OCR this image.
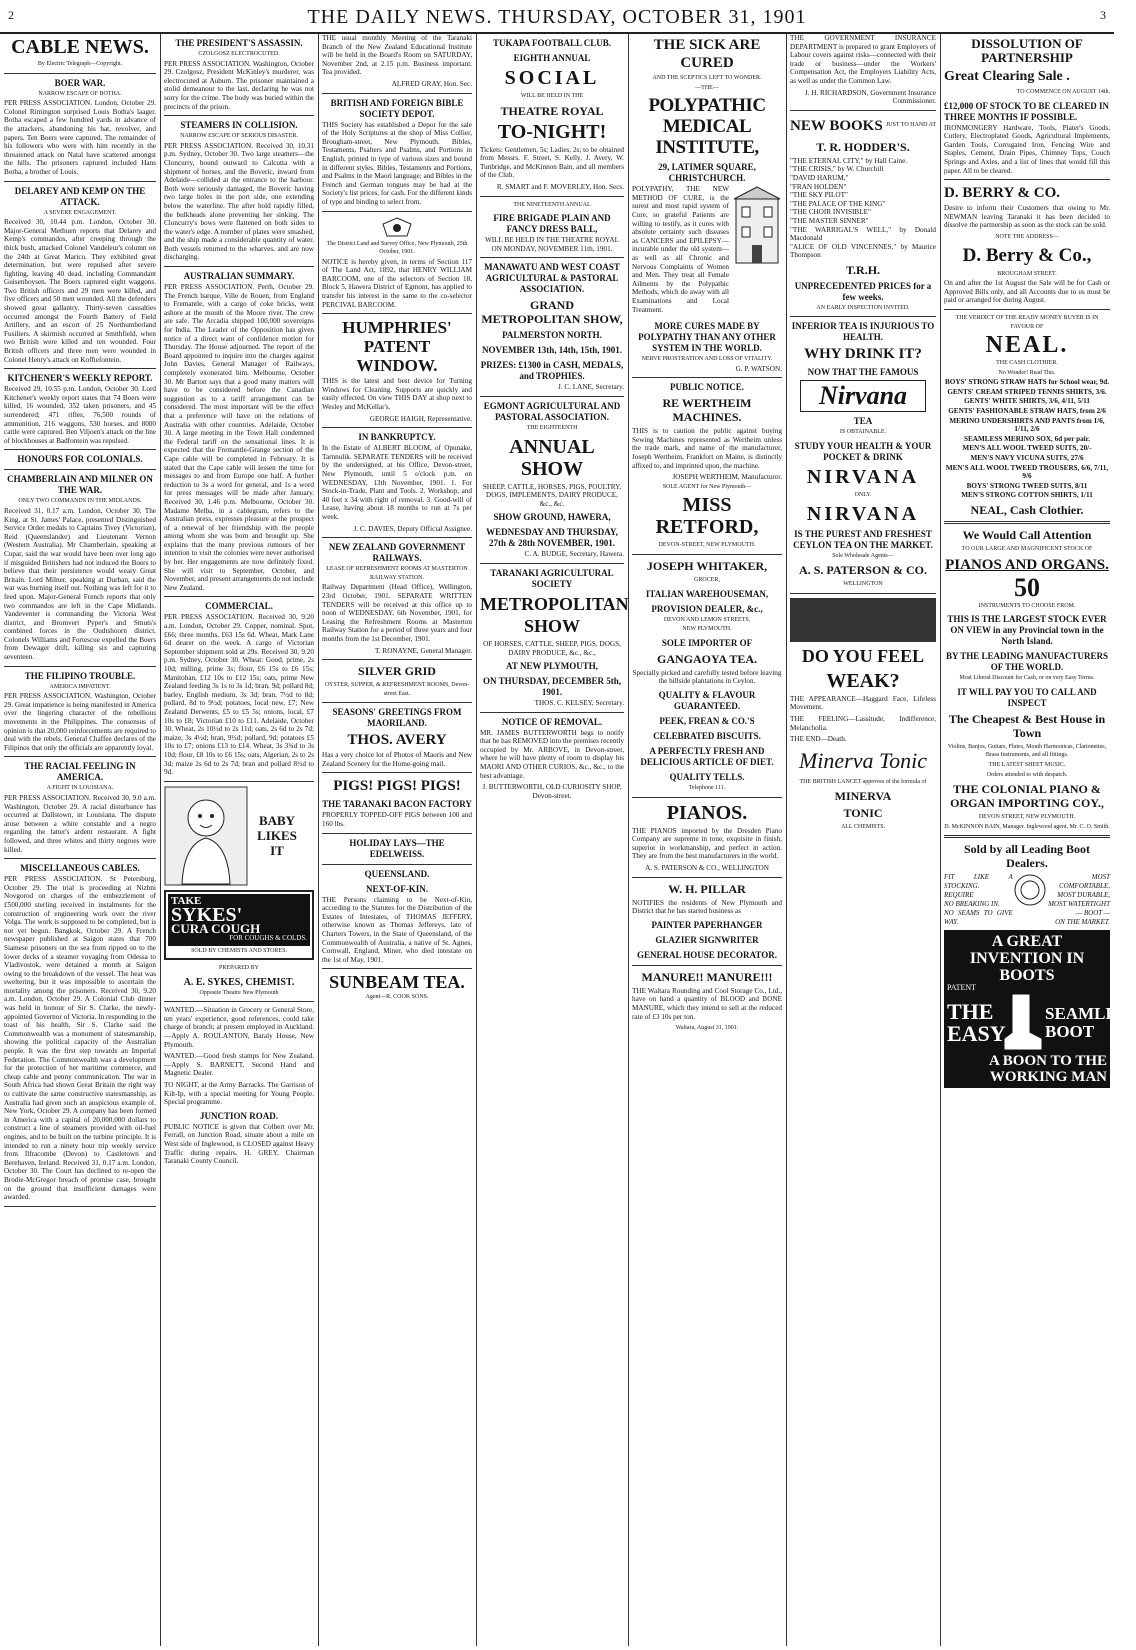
2	THE DAILY NEWS. THURSDAY, OCTOBER 31, 1901	3
CABLE NEWS.
By Electric Telegraph—Copyright.
BOER WAR.
NARROW ESCAPE OF BOTHA.

PER PRESS ASSOCIATION. London, October 29. Colonel Rimington surprised Louis Botha's laager. Botha escaped a few hundred yards in advance of the attackers, abandoning his hat, revolver, and papers. Ten Boers were captured. The remainder of his followers who were with him recently in the threatened attack on Natal have scattered amongst the hills. The prisoners captured included Hans Botha, a brother of Louis.

DELAREY AND KEMP ON THE ATTACK.
A SEVERE ENGAGEMENT.

Received 30, 10.44 p.m. London, October 30. Major-General Methuen reports that Delarey and Kemp's commandos, after creeping through the thick bush, attacked Colonel Vandeleur's column on the 24th at Great Marico. They exhibited great determination, but were repulsed after severe fighting, leaving 40 dead, including Commandant Guisenhoysen. The Boers captured eight waggons. Two British officers and 29 men were killed, and five officers and 50 men wounded. All the defenders showed great gallantry. Thirty-seven casualties occurred amongst the Fourth Battery of Field Artillery, and an escort of 25 Northumberland Fusiliers. A skirmish occurred at Smithfield, when two British were killed and ten wounded. Four British officers and three men were wounded in Colonel Henry's attack on Koffiefontein.

KITCHENER'S WEEKLY REPORT.

Received 29, 10.55 p.m. London, October 30. Lord Kitchener's weekly report states that 74 Boers were killed, 16 wounded, 352 taken prisoners, and 45 surrendered; 471 rifles, 76,500 rounds of ammunition, 216 waggons, 530 horses, and 8000 cattle were captured. Ben Viljoen's attack on the line of blockhouses at Badfontein was repulsed.

HONOURS FOR COLONIALS.
CHAMBERLAIN AND MILNER ON THE WAR.
ONLY TWO COMMANDS IN THE MIDLANDS.

Received 31, 0.17 a.m. London, October 30. The King, at St. James' Palace, presented Distinguished Service Order medals to Captains Tivey (Victorian), Reid (Queenslander) and Lieutenant Vernon (Western Australia). Mr Chamberlain, speaking at Cupar, said the war would have been over long ago if misguided Britishers had not induced the Boers to believe that their persistence would weary Great Britain. Lord Milner, speaking at Durban, said the war was burning itself out. Nothing was left for it to feed upon. Major-General French reports that only two commandos are left in the Cape Midlands. Vandeventer is commanding the Victoria West district, and Bromvert Pyper's and Smuts's combined forces in the Oudtshoorn district. Colonels Williams and Fortescue expelled the Boers from Dewager drift, killing six and capturing seventeen.

THE FILIPINO TROUBLE.
AMERICA IMPATIENT.

PER PRESS ASSOCIATION. Washington, October 29. Great impatience is being manifested in America over the lingering character of the rebellious movements in the Philippines. The consensus of opinion is that 20,000 reinforcements are required to deal with the rebels. General Chaffee declares of the Filipinos that only the officials are apparently loyal.

THE RACIAL FEELING IN AMERICA.
A FIGHT IN LOUISIANA.

PER PRESS ASSOCIATION. Received 30, 9.0 a.m. Washington, October 29. A racial disturbance has occurred at Dallstown, in Louisiana. The dispute arose between a white constable and a negro regarding the latter's ardent restaurant. A fight followed, and three whites and thirty negroes were killed.

MISCELLANEOUS CABLES.

PER PRESS ASSOCIATION. St Petersburg, October 29. The trial is proceeding at Nizhni Novgorod on charges of the embezzlement of £500,000 sterling received in instalments for the construction of engineering work over the river Volga. The work is supposed to be completed, but is not yet begun. Bangkok, October 29. A French newspaper published at Saigon states that 700 Siamese prisoners on the sea from ripped on to the lower decks of a steamer voyaging from Odessa to Vladivostok, were detained a month at Saigon owing to the breakdown of the vessel. The heat was sweltering, but it was impossible to ascertain the mortality among the prisoners. Received 30, 9.20 a.m. London, October 29. A Colonial Club dinner was held in honour of Sir S. Clarke, the newly-appointed Governor of Victoria. In responding to the toast of his health, Sir S. Clarke said the Commonwealth was a monument of statesmanship, showing the political capacity of the Australian people. It was the first step towards an Imperial Federation. The Commonwealth was a development for the protection of her maritime commerce, and cheap cable and penny communication. The war in South Africa had shown Great Britain the right way to cultivate the same constructive statesmanship, as Australia had given such an auspicious example of. New York, October 29. A company has been formed in America with a capital of 20,000,000 dollars to construct a line of steamers provided with oil-fuel engines, and to be built on the turbine principle. It is intended to run a ninety hour trip weekly service from Ilfracombe (Devon) to Castletown and Berehaven, Ireland. Received 31, 0.17 a.m. London, October 30. The Court has declined to re-open the Brodie-McGregor breach of promise case, brought on the ground that insufficient damages were awarded.

THE PRESIDENT'S ASSASSIN.
CZOLGOSZ ELECTROCUTED.

PER PRESS ASSOCIATION. Washington, October 29. Czolgosz, President McKinley's murderer, was electrocuted at Auburn. The prisoner maintained a stolid demeanour to the last, declaring he was not sorry for the crime. The body was buried within the precincts of the prison.

STEAMERS IN COLLISION.
NARROW ESCAPE OF SERIOUS DISASTER.

PER PRESS ASSOCIATION. Received 30, 10.31 p.m. Sydney, October 30. Two large steamers—the Cloncurry, bound outward to Calcutta with a shipment of horses, and the Boveric, inward from Adelaide—collided at the entrance to the harbour. Both were seriously damaged, the Boveric having two large holes in the port side, one extending below the waterline. The after hold rapidly filled, the bulkheads alone preventing her sinking. The Cloncurry's bows were flattened on both sides to the water's edge. A number of plates were smashed, and the ship made a considerable quantity of water. Both vessels returned to the wharves, and are now discharging.

AUSTRALIAN SUMMARY.

PER PRESS ASSOCIATION. Perth, October 29. The French barque, Ville de Rouen, from England to Fremantle, with a cargo of coke bricks, went ashore at the mouth of the Moore river. The crew are safe. The Arcadia shipped 100,000 sovereigns for India. The Leader of the Opposition has given notice of a direct want of confidence motion for Thursday. The House adjourned. The report of the Board appointed to inquire into the charges against John Davies, General Manager of Railways, completely exonerated him. Melbourne, October 30. Mr Barton says that a good many matters will have to be considered before the Canadian suggestion as to a tariff arrangement can be considered. The most important will be the effect that a preference will have on the relations of Australia with other countries. Adelaide, October 30. A large meeting in the Town Hall condemned the Federal tariff on the sensational lines. It is expected that the Fremantle-Grange section of the Cape cable will be completed in February. It is stated that the Cape cable will lessen the time for messages to and from Europe one half. A further reduction to 3s a word for general, and 1s a word for press messages will be made after January. Received 30, 1.46 p.m. Melbourne, October 30. Madame Melba, in a cablegram, refers to the Australian press, expresses pleasure at the prospect of a renewal of her friendship with the people among whom she was born and brought up. She explains that the many previous rumours of her intention to visit the colonies were never authorised by her. Her engagements are now definitely fixed. She will visit to September, October, and November, and present arrangements do not include New Zealand.

COMMERCIAL.

PER PRESS ASSOCIATION. Received 30, 9.20 a.m. London, October 29. Copper, nominal. Spot, £66; three months, £63 15s 6d. Wheat, Mark Lane 6d dearer on the week. A cargo of Victorian September shipment sold at 29s. Received 30, 9.20 p.m. Sydney, October 30. Wheat: Good, prime, 2s 10d; milling, prime 3s; flour, £6 15s to £6 15s; Manitoban, £12 10s to £12 15s; oats, prime New Zealand feeding 3s 1s to 3s 1d; bran, 9d; pollard 8d; barley, English medium, 3s 3d; bran, 7½d to 8d; pollard, 8d to 9½d; potatoes, local new, £7; New Zealand Derwents, £5 to £5 5s; onions, local, £7 10s to £8; Victorian £10 to £11. Adelaide, October 30. Wheat, 2s 10½d to 2s 11d; oats, 2s 6d to 2s 7d; maize, 3s 4½d; bran, 9½d; pollard, 9d; potatoes £5 10s to £7; onions £13 to £14. Wheat, 3s 3¾d to 3s 10d; flour, £8 10s to £6 15s; oats, Algerian, 2s to 2s 3d; maize 2s 6d to 2s 7d; bran and pollard 8½d to 9d.

BABY LIKES IT
TAKE
SYKES'
CURA COUGH
FOR COUGHS & COLDS.
SOLD BY CHEMISTS AND STORES.
PREPARED BY
A. E. SYKES, CHEMIST.
Opposite Theatre New Plymouth

WANTED.—Situation in Grocery or General Store, ten years' experience, good references, could take charge of branch; at present employed in Auckland.—Apply A. ROULANTON, Baraly House, New Plymouth.

WANTED.—Good fresh stamps for New Zealand.—Apply S. BARNETT, Second Hand and Magnetic Dealer.

TO NIGHT, at the Army Barracks. The Garrison of Kilt-Ip, with a special meeting for Young People. Special programme.

JUNCTION ROAD.

PUBLIC NOTICE is given that Colbert over Mr. Ferrall, on Junction Road, situate about a mile on West side of Inglewood, is CLOSED against Heavy Traffic during repairs. H. GREY, Chairman Taranaki County Council.

THE usual monthly Meeting of the Taranaki Branch of the New Zealand Educational Institute will be held in the Board's Room on SATURDAY, November 2nd, at 2.15 p.m. Business important. Tea provided.

ALFRED GRAY, Hon. Sec.
BRITISH AND FOREIGN BIBLE SOCIETY DEPOT.

THIS Society has established a Depot for the sale of the Holy Scriptures at the shop of Miss Collier, Brougham-street, New Plymouth. Bibles, Testaments, Psalters and Psalms, and Portions in English, printed in type of various sizes and bound in different styles. Bibles, Testaments and Portions, and Psalms in the Maori language; and Bibles in the French and German tongues may be had at the Society's list prices, for cash. For the different kinds of type and binding to select from.

The District Land and Survey Office, New Plymouth, 25th October, 1901.

NOTICE is hereby given, in terms of Section 117 of The Land Act, 1892, that HENRY WILLIAM BARCOOM, one of the selectors of Section 18, Block 5, Hawera District of Egmont, has applied to transfer his interest in the same to the co-selector PERCIVAL BARCOOM.

HUMPHRIES' PATENT WINDOW.

THIS is the latest and best device for Turning Windows for Cleaning. Supports are quickly and easily effected. On view THIS DAY at shop next to Wesley and McKellar's.

GEORGE HAIGH, Representative.
IN BANKRUPTCY.

In the Estate of ALBERT BLOOM, of Opunake, Tarnnulik. SEPARATE TENDERS will be received by the undersigned, at his Office, Devon-street, New Plymouth, until 5 o'clock p.m. on WEDNESDAY, 13th November, 1901. 1. For Stock-in-Trade, Plant and Tools. 2. Workshop, and 40 feet x 34 with right of removal. 3. Good-will of Lease, having about 18 months to run at 7s per week.

J. C. DAVIES, Deputy Official Assignee.
NEW ZEALAND GOVERNMENT RAILWAYS.
LEASE OF REFRESHMENT ROOMS AT MASTERTON RAILWAY STATION.

Railway Department (Head Office), Wellington, 23rd October, 1901. SEPARATE WRITTEN TENDERS will be received at this office up to noon of WEDNESDAY, 6th November, 1901, for Leasing the Refreshment Rooms at Masterton Railway Station for a period of three years and four months from the 1st December, 1901.

T. RONAYNE, General Manager.
SILVER GRID
OYSTER, SUPPER, & REFRESHMENT ROOMS, Devon-street East.
SEASONS' GREETINGS FROM MAORILAND.
THOS. AVERY

Has a very choice lot of Photos of Maoris and New Zealand Scenery for the Home-going mail.

PIGS! PIGS! PIGS!
THE TARANAKI BACON FACTORY

PROPERLY TOPPED-OFF PIGS between 100 and 160 lbs.

HOLIDAY LAYS—THE EDELWEISS.
QUEENSLAND.
NEXT-OF-KIN.

THE Persons claiming to be Next-of-Kin, according to the Statutes for the Distribution of the Estates of Intestates, of THOMAS JEFFERY, otherwise known as Thomas Jeffereys, late of Charters Towers, in the State of Queensland, of the Commonwealth of Australia, a native of St. Agnes, Cornwall, England, Miner, who died intestate on the 1st of May, 1901.

SUNBEAM TEA.
Agent—R. COOK SONS.
TUKAPA FOOTBALL CLUB.
EIGHTH ANNUAL
SOCIAL
WILL BE HELD IN THE
THEATRE ROYAL
TO-NIGHT!

Tickets: Gentlemen, 5s; Ladies, 2s; to be obtained from Messrs. F. Street, S. Kelly, J. Avery, W. Tunbridge, and McKinnon Bain, and all members of the Club.

R. SMART and F. MOVERLEY, Hon. Secs.
THE NINETEENTH ANNUAL
FIRE BRIGADE PLAIN AND FANCY DRESS BALL,

WILL BE HELD IN THE THEATRE ROYAL ON MONDAY, NOVEMBER 11th, 1901.

MANAWATU AND WEST COAST AGRICULTURAL & PASTORAL ASSOCIATION.
GRAND METROPOLITAN SHOW,
PALMERSTON NORTH.
NOVEMBER 13th, 14th, 15th, 1901.
PRIZES: £1300 in CASH, MEDALS, and TROPHIES.
J. C. LANE, Secretary.
EGMONT AGRICULTURAL AND PASTORAL ASSOCIATION.
THE EIGHTEENTH
ANNUAL SHOW

SHEEP, CATTLE, HORSES, PIGS, POULTRY, DOGS, IMPLEMENTS, DAIRY PRODUCE, &c., &c.

SHOW GROUND, HAWERA,
WEDNESDAY AND THURSDAY, 27th & 28th NOVEMBER, 1901.
C. A. BUDGE, Secretary, Hawera.
TARANAKI AGRICULTURAL SOCIETY
METROPOLITAN SHOW

OF HORSES, CATTLE, SHEEP, PIGS, DOGS, DAIRY PRODUCE, &c., &c.,

AT NEW PLYMOUTH,
ON THURSDAY, DECEMBER 5th, 1901.
THOS. C. KELSEY, Secretary.
NOTICE OF REMOVAL.

MR. JAMES BUTTERWORTH begs to notify that he has REMOVED into the premises recently occupied by Mr. ARBOVE, in Devon-street, where he will have plenty of room to display his MAORI AND OTHER CURIOS, &c., &c., to the best advantage.

J. BUTTERWORTH, OLD CURIOSITY SHOP, Devon-street.
THE SICK ARE CURED
AND THE SCEPTICS LEFT TO WONDER.
—THE—
POLYPATHIC MEDICAL INSTITUTE,
29, LATIMER SQUARE, CHRISTCHURCH.

POLYPATHY, THE NEW METHOD OF CURE, is the surest and most rapid system of Cure, so grateful Patients are willing to testify, as it cures with absolute certainty such diseases as CANCERS and EPILEPSY—incurable under the old system—as well as all Chronic and Nervous Complaints of Women and Men. They treat all Female Ailments by the Polypathic Methods, which do away with all Examinations and Local Treatment.

MORE CURES MADE BY POLYPATHY THAN ANY OTHER SYSTEM IN THE WORLD.
NERVE PROSTRATION AND LOSS OF VITALITY.
G. P. WATSON.
PUBLIC NOTICE.
RE WERTHEIM MACHINES.

THIS is to caution the public against buying Sewing Machines represented as Wertheim unless the trade mark, and name of the manufacturer, Joseph Wertheim, Frankfort on Maine, is distinctly affixed to, and imprinted upon, the machine.

JOSEPH WERTHEIM, Manufacturer.
SOLE AGENT for New Plymouth—
MISS RETFORD,
DEVON-STREET, NEW PLYMOUTH.
JOSEPH WHITAKER,
GROCER,
ITALIAN WAREHOUSEMAN,
PROVISION DEALER, &c.,
DEVON AND LEMON STREETS,
NEW PLYMOUTH.
SOLE IMPORTER OF
GANGAOYA TEA.

Specially picked and carefully tested before leaving the hillside plantations in Ceylon.

QUALITY & FLAVOUR GUARANTEED.
PEEK, FREAN & CO.'S
CELEBRATED BISCUITS.
A PERFECTLY FRESH AND DELICIOUS ARTICLE OF DIET.
QUALITY TELLS.
Telephone 111.
PIANOS.

THE PIANOS imported by the Dresden Piano Company are supreme in tone, exquisite in finish, superior in workmanship, and perfect in action. They are from the best manufacturers in the world.

A. S. PATERSON & CO., WELLINGTON
W. H. PILLAR

NOTIFIES the residents of New Plymouth and District that he has started business as

PAINTER PAPERHANGER
GLAZIER SIGNWRITER
GENERAL HOUSE DECORATOR.
MANURE!! MANURE!!!

THE Waltara Rounding and Cool Storage Co., Ltd., have on hand a quantity of BLOOD and BONE MANURE, which they intend to sell at the reduced rate of £3 10s per ton.

Waltara, August 31, 1901.

THE GOVERNMENT INSURANCE DEPARTMENT is prepared to grant Employers of Labour covers against risks—connected with their trade or business—under the Workers' Compensation Act, the Employers Liability Acts, as well as under the Common Law.

J. H. RICHARDSON, Government Insurance Commissioner.
NEW BOOKS JUST TO HAND AT
T. R. HODDER'S.
"THE ETERNAL CITY," by Hall Caine.
"THE CRISIS," by W. Churchill
"DAVID HARUM,"
"FRAN HOLDEN"
"THE SKY PILOT"
"THE PALACE OF THE KING"
"THE CHOIR INVISIBLE"
"THE MASTER SINNER"
"THE WARRIGAL'S WELL," by Donald Macdonald
"ALICE OF OLD VINCENNES," by Maurice Thompson
T.R.H.
UNPRECEDENTED PRICES for a few weeks.
AN EARLY INSPECTION INVITED.
INFERIOR TEA IS INJURIOUS TO HEALTH.
WHY DRINK IT?
NOW THAT THE FAMOUS
Nirvana
TEA
IS OBTAINABLE.
STUDY YOUR HEALTH & YOUR POCKET & DRINK
NIRVANA
ONLY.
NIRVANA
IS THE PUREST AND FRESHEST CEYLON TEA ON THE MARKET.
Sole Wholesale Agents—
A. S. PATERSON & CO.
WELLINGTON
DO YOU FEEL
WEAK?

THE APPEARANCE—Haggard Face, Lifeless Movement.

THE FEELING—Lassitude, Indifference, Melancholia.

THE END—Death.

Minerva Tonic
THE BRITISH LANCET approves of the formula of
MINERVA
TONIC
ALL CHEMISTS.
DISSOLUTION OF PARTNERSHIP
Great Clearing Sale .
TO COMMENCE ON AUGUST 14th.
£12,000 OF STOCK TO BE CLEARED IN THREE MONTHS IF POSSIBLE.

IRONMONGERY Hardware, Tools, Plater's Goods, Cutlery, Electroplated Goods, Agricultural Implements, Garden Tools, Corrugated Iron, Fencing Wire and Staples, Cement, Drain Pipes, Chimney Tops, Couch Springs and Axles, and a list of lines that would fill this paper. All to be cleared.

D. BERRY & CO.

Desire to inform their Customers that owing to Mr. NEWMAN leaving Taranaki it has been decided to dissolve the partnership as soon as the stock can be sold.

NOTE THE ADDRESS—
D. Berry & Co.,
BROUGHAM STREET.

On and after the 1st August the Sale will be for Cash or Approved Bills only, and all Accounts due to us must be paid or arranged for during August.

THE VERDICT OF THE READY MONEY BUYER IS IN FAVOUR OF
NEAL.
THE CASH CLOTHIER.
No Wonder! Read This.
BOYS' STRONG STRAW HATS for School wear, 9d.
GENTS' CREAM STRIPED TENNIS SHIRTS, 3/6.
GENTS' WHITE SHIRTS, 3/6, 4/11, 5/11
GENTS' FASHIONABLE STRAW HATS, from 2/6
MERINO UNDERSHIRTS AND PANTS from 1/6, 1/11, 2/6
SEAMLESS MERINO SOX, 6d per pair.
MEN'S ALL WOOL TWEED SUITS, 20/-
MEN'S NAVY VICUNA SUITS, 27/6
MEN'S ALL WOOL TWEED TROUSERS, 6/6, 7/11, 9/6
BOYS' STRONG TWEED SUITS, 8/11
MEN'S STRONG COTTON SHIRTS, 1/11
NEAL, Cash Clothier.
We Would Call Attention
TO OUR LARGE AND MAGNIFICENT STOCK OF
PIANOS AND ORGANS.
50
INSTRUMENTS TO CHOOSE FROM.
THIS IS THE LARGEST STOCK EVER ON VIEW in any Provincial town in the North Island.
BY THE LEADING MANUFACTURERS OF THE WORLD.
Most Liberal Discount for Cash, or on very Easy Terms.
IT WILL PAY YOU TO CALL AND INSPECT
The Cheapest & Best House in Town
Violins, Banjos, Guitars, Flutes, Mouth Harmonicas, Clarionettes, Brass Instruments, and all fittings.
THE LATEST SHEET MUSIC.
Orders attended to with despatch.
THE COLONIAL PIANO & ORGAN IMPORTING COY.,
DEVON STREET, NEW PLYMOUTH.
D. McKINNON BAIN, Manager. Inglewood agent, Mr. C. O. Smith.
Sold by all Leading Boot Dealers.
FIT LIKE A STOCKING.
REQUIRE
NO BREAKING IN.
NO SEAMS TO GIVE WAY.
MOST COMFORTABLE,
MOST DURABLE,
MOST WATERTIGHT
— BOOT —
ON THE MARKET.
A GREAT INVENTION IN BOOTS
PATENT
THE EASY
SEAMLESS BOOT
A BOON TO THE WORKING MAN
